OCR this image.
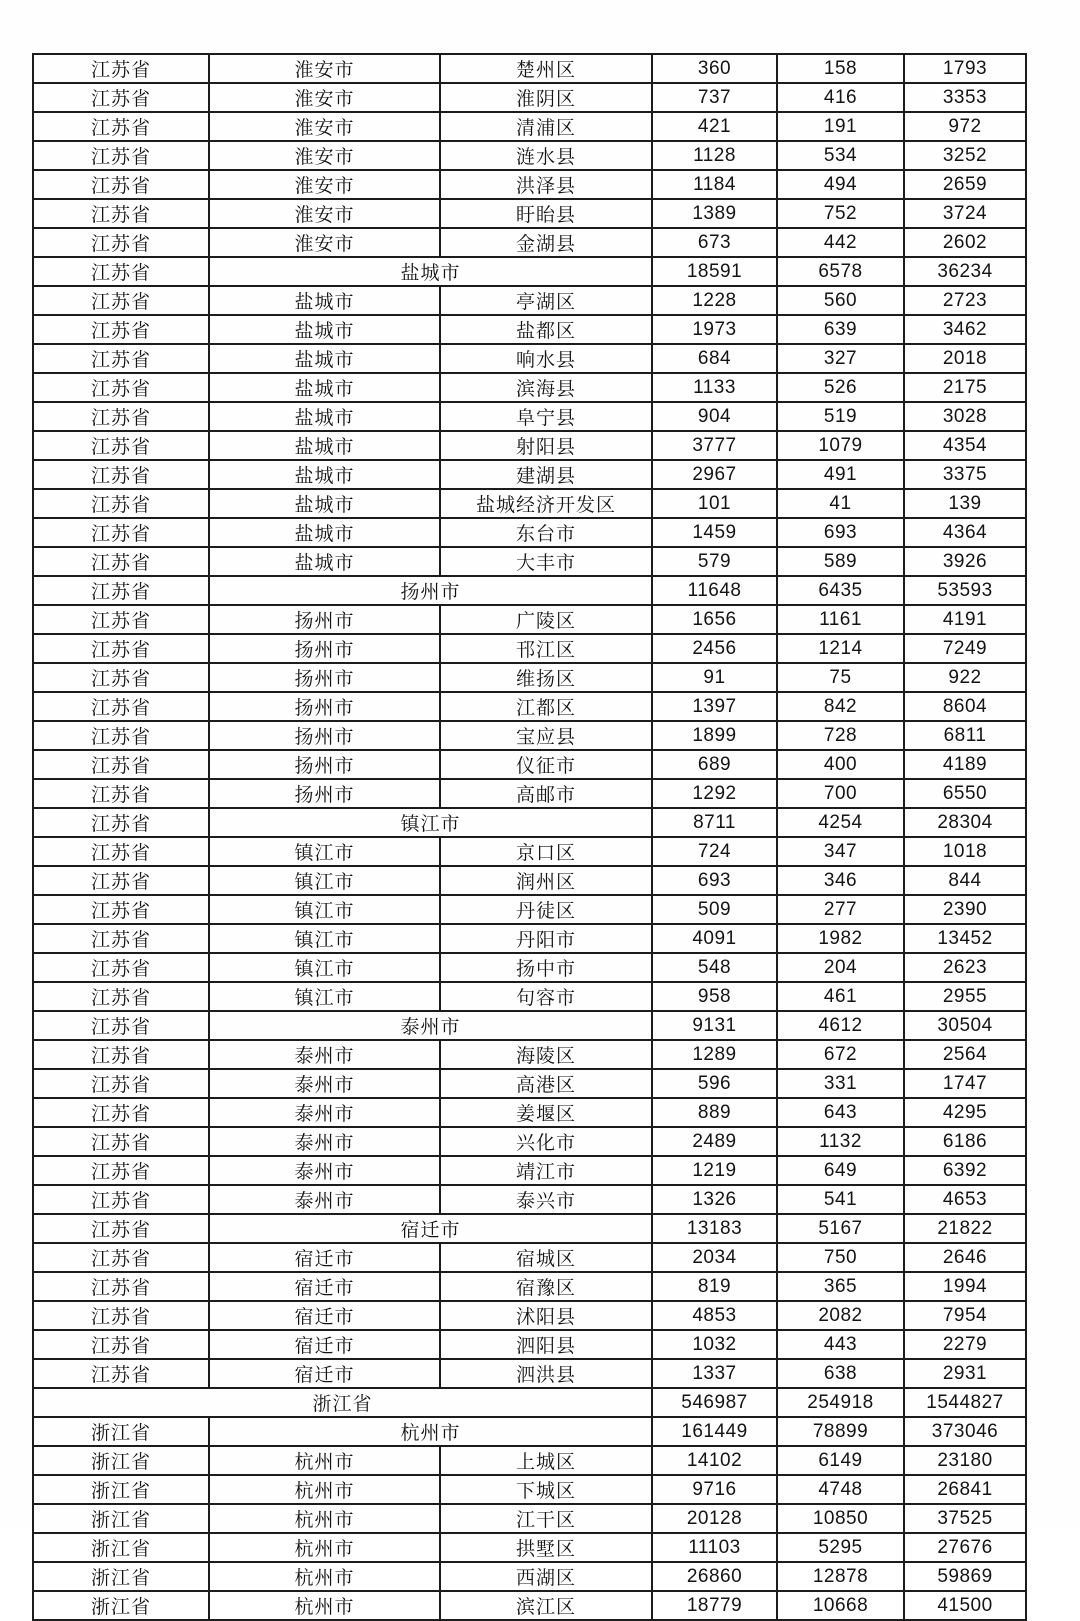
江苏省	淮安市	楚州区	360	158	1793
江苏省	淮安市	淮阴区	737	416	3353
江苏省	淮安市	清浦区	421	191	972
江苏省	淮安市	涟水县	1128	534	3252
江苏省	淮安市	洪泽县	1184	494	2659
江苏省	淮安市	盱眙县	1389	752	3724
江苏省	淮安市	金湖县	673	442	2602
江苏省	盐城市		18591	6578	36234
江苏省	盐城市	亭湖区	1228	560	2723
江苏省	盐城市	盐都区	1973	639	3462
江苏省	盐城市	响水县	684	327	2018
江苏省	盐城市	滨海县	1133	526	2175
江苏省	盐城市	阜宁县	904	519	3028
江苏省	盐城市	射阳县	3777	1079	4354
江苏省	盐城市	建湖县	2967	491	3375
江苏省	盐城市	盐城经济开发区	101	41	139
江苏省	盐城市	东台市	1459	693	4364
江苏省	盐城市	大丰市	579	589	3926
江苏省	扬州市		11648	6435	53593
江苏省	扬州市	广陵区	1656	1161	4191
江苏省	扬州市	邗江区	2456	1214	7249
江苏省	扬州市	维扬区	91	75	922
江苏省	扬州市	江都区	1397	842	8604
江苏省	扬州市	宝应县	1899	728	6811
江苏省	扬州市	仪征市	689	400	4189
江苏省	扬州市	高邮市	1292	700	6550
江苏省	镇江市		8711	4254	28304
江苏省	镇江市	京口区	724	347	1018
江苏省	镇江市	润州区	693	346	844
江苏省	镇江市	丹徒区	509	277	2390
江苏省	镇江市	丹阳市	4091	1982	13452
江苏省	镇江市	扬中市	548	204	2623
江苏省	镇江市	句容市	958	461	2955
江苏省	泰州市		9131	4612	30504
江苏省	泰州市	海陵区	1289	672	2564
江苏省	泰州市	高港区	596	331	1747
江苏省	泰州市	姜堰区	889	643	4295
江苏省	泰州市	兴化市	2489	1132	6186
江苏省	泰州市	靖江市	1219	649	6392
江苏省	泰州市	泰兴市	1326	541	4653
江苏省	宿迁市		13183	5167	21822
江苏省	宿迁市	宿城区	2034	750	2646
江苏省	宿迁市	宿豫区	819	365	1994
江苏省	宿迁市	沭阳县	4853	2082	7954
江苏省	宿迁市	泗阳县	1032	443	2279
江苏省	宿迁市	泗洪县	1337	638	2931
浙江省			546987	254918	1544827
浙江省	杭州市		161449	78899	373046
浙江省	杭州市	上城区	14102	6149	23180
浙江省	杭州市	下城区	9716	4748	26841
浙江省	杭州市	江干区	20128	10850	37525
浙江省	杭州市	拱墅区	11103	5295	27676
浙江省	杭州市	西湖区	26860	12878	59869
浙江省	杭州市	滨江区	18779	10668	41500
